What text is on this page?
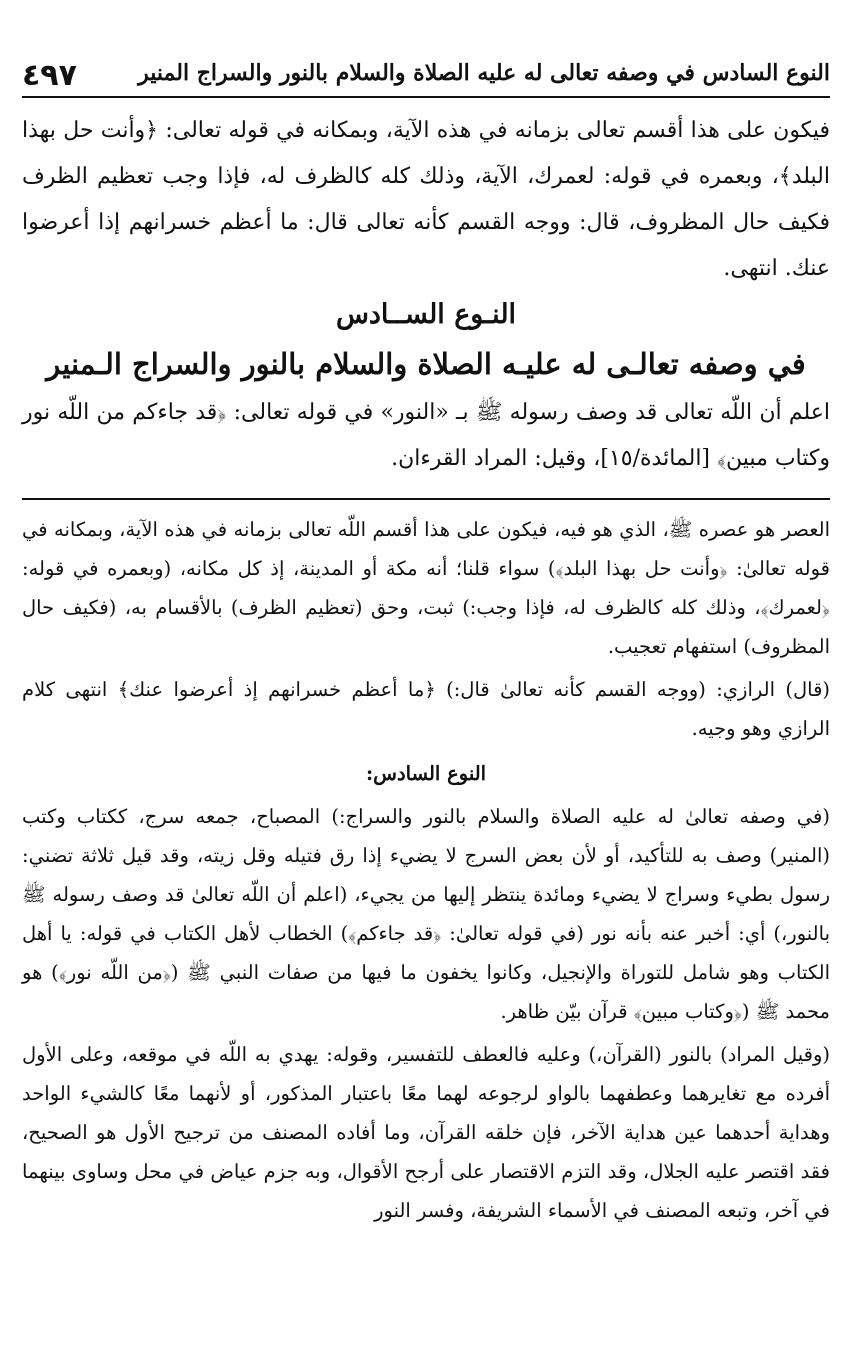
٤٩٧	النوع السادس في وصفه تعالى له عليه الصلاة والسلام بالنور والسراج المنير

فيكون على هذا أقسم تعالى بزمانه في هذه الآية، وبمكانه في قوله تعالى: ﴿وأنت حل بهذا البلد﴾، وبعمره في قوله: لعمرك، الآية، وذلك كله كالظرف له، فإذا وجب تعظيم الظرف فكيف حال المظروف، قال: ووجه القسم كأنه تعالى قال: ما أعظم خسرانهم إذا أعرضوا عنك. انتهى.

النـوع الســادس

في وصفه تعالـى له عليـه الصلاة والسلام بالنور والسراج الـمنير

اعلم أن اللّه تعالى قد وصف رسوله ﷺ بـ «النور» في قوله تعالى: ﴿قد جاءكم من اللّه نور وكتاب مبين﴾ [المائدة/١٥]، وقيل: المراد القرءان.

العصر هو عصره ﷺ، الذي هو فيه، فيكون على هذا أقسم اللّه تعالى بزمانه في هذه الآية، وبمكانه في قوله تعالىٰ: ﴿وأنت حل بهذا البلد﴾) سواء قلنا؛ أنه مكة أو المدينة، إذ كل مكانه، (وبعمره في قوله: ﴿لعمرك﴾، وذلك كله كالظرف له، فإذا وجب:) ثبت، وحق (تعظيم الظرف) بالأقسام به، (فكيف حال المظروف) استفهام تعجيب.

(قال) الرازي: (ووجه القسم كأنه تعالىٰ قال:) ﴿ما أعظم خسرانهم إذ أعرضوا عنك﴾ انتهى كلام الرازي وهو وجيه.

النوع السادس:

(في وصفه تعالىٰ له عليه الصلاة والسلام بالنور والسراج:) المصباح، جمعه سرج، ككتاب وكتب (المنير) وصف به للتأكيد، أو لأن بعض السرج لا يضيء إذا رق فتيله وقل زيته، وقد قيل ثلاثة تضني: رسول بطيء وسراج لا يضيء ومائدة ينتظر إليها من يجيء، (اعلم أن اللّه تعالىٰ قد وصف رسوله ﷺ بالنور،) أي: أخبر عنه بأنه نور (في قوله تعالىٰ: ﴿قد جاءكم﴾) الخطاب لأهل الكتاب في قوله: يا أهل الكتاب وهو شامل للتوراة والإنجيل، وكانوا يخفون ما فيها من صفات النبي ﷺ (﴿من اللّه نور﴾) هو محمد ﷺ (﴿وكتاب مبين﴾ قرآن بيّن ظاهر.

(وقيل المراد) بالنور (القرآن،) وعليه فالعطف للتفسير، وقوله: يهدي به اللّه في موقعه، وعلى الأول أفرده مع تغايرهما وعطفهما بالواو لرجوعه لهما معًا باعتبار المذكور، أو لأنهما معًا كالشيء الواحد وهداية أحدهما عين هداية الآخر، فإن خلقه القرآن، وما أفاده المصنف من ترجيح الأول هو الصحيح، فقد اقتصر عليه الجلال، وقد التزم الاقتصار على أرجح الأقوال، وبه جزم عياض في محل وساوى بينهما في آخر، وتبعه المصنف في الأسماء الشريفة، وفسر النور
